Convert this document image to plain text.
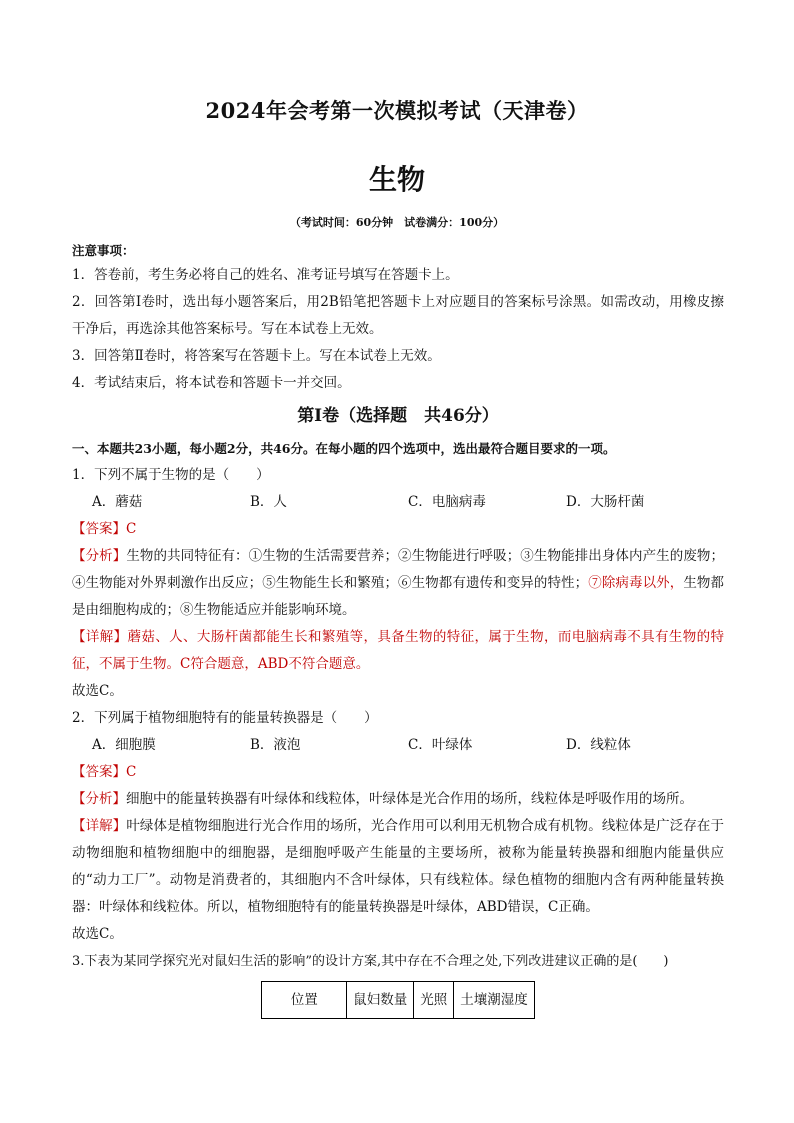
2024年会考第一次模拟考试（天津卷）
生物
（考试时间：60分钟　试卷满分：100分）
注意事项：
1．答卷前，考生务必将自己的姓名、准考证号填写在答题卡上。
2．回答第Ⅰ卷时，选出每小题答案后，用2B铅笔把答题卡上对应题目的答案标号涂黑。如需改动，用橡皮擦干净后，再选涂其他答案标号。写在本试卷上无效。
3．回答第Ⅱ卷时，将答案写在答题卡上。写在本试卷上无效。
4．考试结束后，将本试卷和答题卡一并交回。
第Ⅰ卷（选择题　共46分）
一、本题共23小题，每小题2分，共46分。在每小题的四个选项中，选出最符合题目要求的一项。
1．下列不属于生物的是（　　）
A．蘑菇	B．人	C．电脑病毒	D．大肠杆菌
【答案】C
【分析】生物的共同特征有：①生物的生活需要营养；②生物能进行呼吸；③生物能排出身体内产生的废物；④生物能对外界刺激作出反应；⑤生物能生长和繁殖；⑥生物都有遗传和变异的特性；⑦除病毒以外，生物都是由细胞构成的；⑧生物能适应并能影响环境。
【详解】蘑菇、人、大肠杆菌都能生长和繁殖等，具备生物的特征，属于生物，而电脑病毒不具有生物的特征，不属于生物。C符合题意，ABD不符合题意。
故选C。
2．下列属于植物细胞特有的能量转换器是（　　）
A．细胞膜	B．液泡	C．叶绿体	D．线粒体
【答案】C
【分析】细胞中的能量转换器有叶绿体和线粒体，叶绿体是光合作用的场所，线粒体是呼吸作用的场所。
【详解】叶绿体是植物细胞进行光合作用的场所，光合作用可以利用无机物合成有机物。线粒体是广泛存在于动物细胞和植物细胞中的细胞器，是细胞呼吸产生能量的主要场所，被称为能量转换器和细胞内能量供应的“动力工厂”。动物是消费者的，其细胞内不含叶绿体，只有线粒体。绿色植物的细胞内含有两种能量转换器：叶绿体和线粒体。所以，植物细胞特有的能量转换器是叶绿体，ABD错误，C正确。
故选C。
3.下表为某同学探究光对鼠妇生活的影响”的设计方案,其中存在不合理之处,下列改进建议正确的是(　　)
位置	鼠妇数量	光照	土壤潮湿度
